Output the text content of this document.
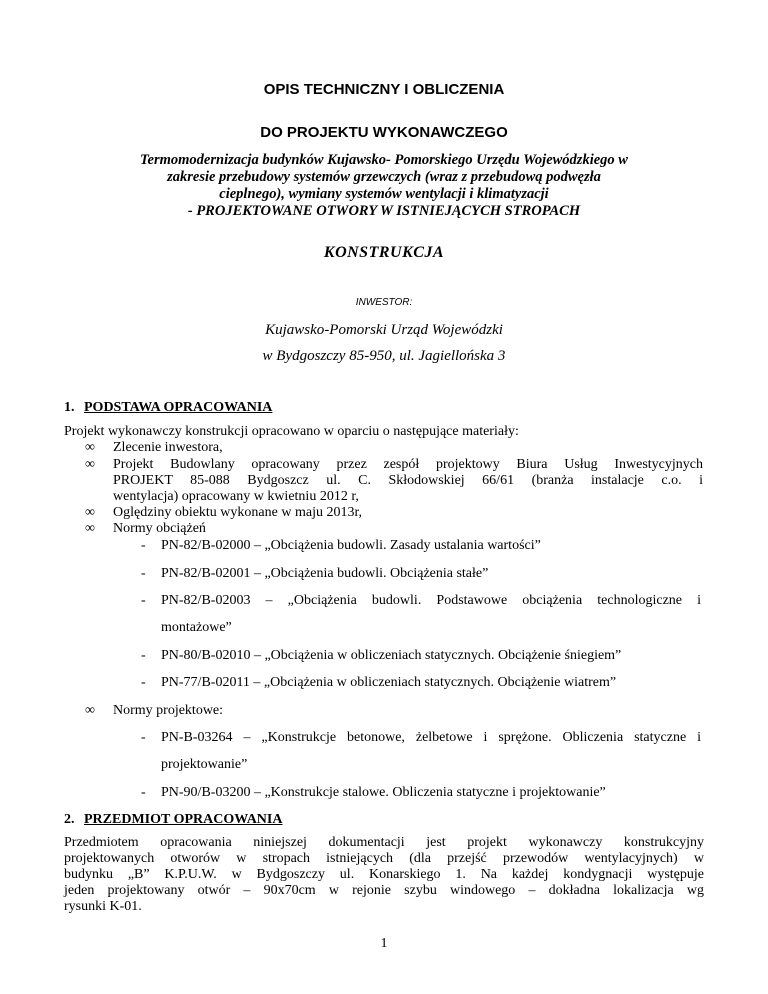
OPIS TECHNICZNY I OBLICZENIA
DO PROJEKTU WYKONAWCZEGO
Termomodernizacja budynków Kujawsko- Pomorskiego Urzędu Wojewódzkiego w
zakresie przebudowy systemów grzewczych (wraz z przebudową podwęzła
cieplnego), wymiany systemów wentylacji i klimatyzacji
- PROJEKTOWANE OTWORY W ISTNIEJĄCYCH STROPACH
KONSTRUKCJA
INWESTOR:
Kujawsko-Pomorski Urząd Wojewódzki
w Bydgoszczy 85-950, ul. Jagiellońska 3
1. PODSTAWA OPRACOWANIA
Projekt wykonawczy konstrukcji opracowano w oparciu o następujące materiały:
∞	Zlecenie inwestora,
∞	Projekt Budowlany opracowany przez zespół projektowy Biura Usług Inwestycyjnych
PROJEKT 85-088 Bydgoszcz ul. C. Skłodowskiej 66/61 (branża instalacje c.o. i
wentylacja) opracowany w kwietniu 2012 r,
∞	Oględziny obiektu wykonane w maju 2013r,
∞	Normy obciążeń
-	PN-82/B-02000 – „Obciążenia budowli. Zasady ustalania wartości”
-	PN-82/B-02001 – „Obciążenia budowli. Obciążenia stałe”
-	PN-82/B-02003 – „Obciążenia budowli. Podstawowe obciążenia technologiczne i
montażowe”
-	PN-80/B-02010 – „Obciążenia w obliczeniach statycznych. Obciążenie śniegiem”
-	PN-77/B-02011 – „Obciążenia w obliczeniach statycznych. Obciążenie wiatrem”
∞	Normy projektowe:
-	PN-B-03264 – „Konstrukcje betonowe, żelbetowe i sprężone. Obliczenia statyczne i
projektowanie”
-	PN-90/B-03200 – „Konstrukcje stalowe. Obliczenia statyczne i projektowanie”
2. PRZEDMIOT OPRACOWANIA
Przedmiotem opracowania niniejszej dokumentacji jest projekt wykonawczy konstrukcyjny
projektowanych otworów w stropach istniejących (dla przejść przewodów wentylacyjnych) w
budynku „B” K.P.U.W. w Bydgoszczy ul. Konarskiego 1. Na każdej kondygnacji występuje
jeden projektowany otwór – 90x70cm w rejonie szybu windowego – dokładna lokalizacja wg
rysunki K-01.
1
